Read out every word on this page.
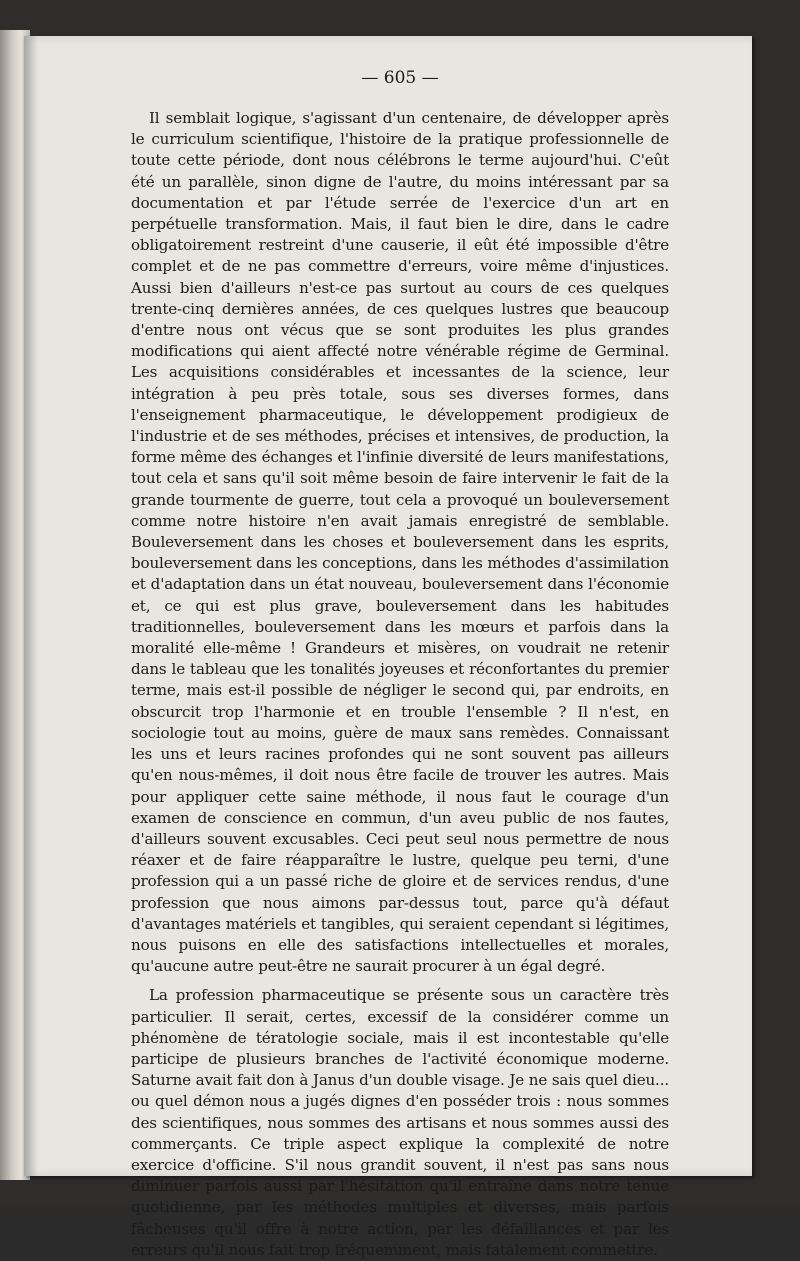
— 605 —

Il semblait logique, s'agissant d'un centenaire, de développer après le curriculum scientifique, l'histoire de la pratique professionnelle de toute cette période, dont nous célébrons le terme aujourd'hui. C'eût été un parallèle, sinon digne de l'autre, du moins intéressant par sa documentation et par l'étude serrée de l'exercice d'un art en perpétuelle transformation. Mais, il faut bien le dire, dans le cadre obligatoirement restreint d'une causerie, il eût été impossible d'être complet et de ne pas commettre d'erreurs, voire même d'injustices. Aussi bien d'ailleurs n'est-ce pas surtout au cours de ces quelques trente-cinq dernières années, de ces quelques lustres que beaucoup d'entre nous ont vécus que se sont produites les plus grandes modifications qui aient affecté notre vénérable régime de Germinal. Les acquisitions considérables et incessantes de la science, leur intégration à peu près totale, sous ses diverses formes, dans l'enseignement pharmaceutique, le développement prodigieux de l'industrie et de ses méthodes, précises et intensives, de production, la forme même des échanges et l'infinie diversité de leurs manifestations, tout cela et sans qu'il soit même besoin de faire intervenir le fait de la grande tourmente de guerre, tout cela a provoqué un bouleversement comme notre histoire n'en avait jamais enregistré de semblable. Bouleversement dans les choses et bouleversement dans les esprits, bouleversement dans les conceptions, dans les méthodes d'assimilation et d'adaptation dans un état nouveau, bouleversement dans l'économie et, ce qui est plus grave, bouleversement dans les habitudes traditionnelles, bouleversement dans les mœurs et parfois dans la moralité elle-même ! Grandeurs et misères, on voudrait ne retenir dans le tableau que les tonalités joyeuses et réconfortantes du premier terme, mais est-il possible de négliger le second qui, par endroits, en obscurcit trop l'harmonie et en trouble l'ensemble ? Il n'est, en sociologie tout au moins, guère de maux sans remèdes. Connaissant les uns et leurs racines profondes qui ne sont souvent pas ailleurs qu'en nous-mêmes, il doit nous être facile de trouver les autres. Mais pour appliquer cette saine méthode, il nous faut le courage d'un examen de conscience en commun, d'un aveu public de nos fautes, d'ailleurs souvent excusables. Ceci peut seul nous permettre de nous réaxer et de faire réapparaître le lustre, quelque peu terni, d'une profession qui a un passé riche de gloire et de services rendus, d'une profession que nous aimons par-dessus tout, parce qu'à défaut d'avantages matériels et tangibles, qui seraient cependant si légitimes, nous puisons en elle des satisfactions intellectuelles et morales, qu'aucune autre peut-être ne saurait procurer à un égal degré.

La profession pharmaceutique se présente sous un caractère très particulier. Il serait, certes, excessif de la considérer comme un phénomène de tératologie sociale, mais il est incontestable qu'elle participe de plusieurs branches de l'activité économique moderne. Saturne avait fait don à Janus d'un double visage. Je ne sais quel dieu... ou quel démon nous a jugés dignes d'en posséder trois : nous sommes des scientifiques, nous sommes des artisans et nous sommes aussi des commerçants. Ce triple aspect explique la complexité de notre exercice d'officine. S'il nous grandit souvent, il n'est pas sans nous diminuer parfois aussi par l'hésitation qu'il entraîne dans notre tenue quotidienne, par les méthodes multiples et diverses, mais parfois fâcheuses qu'il offre à notre action, par les défaillances et par les erreurs qu'il nous fait trop fréquemment, mais fatalement commettre.
